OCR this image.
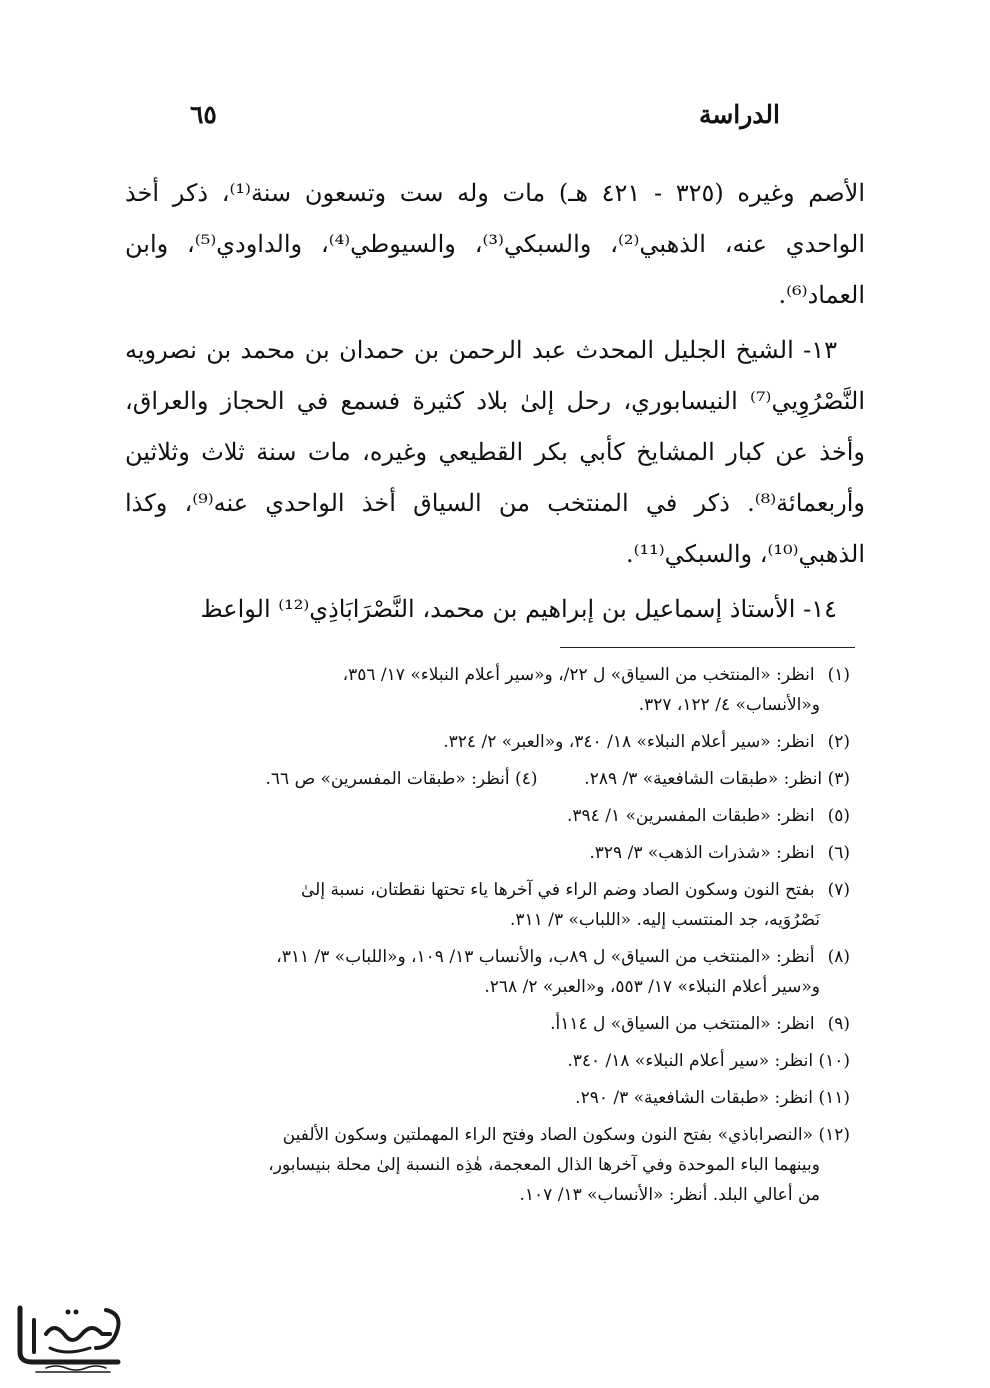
الدراسة
٦٥

الأصم وغيره (٣٢٥ - ٤٢١ هـ) مات وله ست وتسعون سنة⁽¹⁾، ذكر أخذ الواحدي عنه، الذهبي⁽²⁾، والسبكي⁽³⁾، والسيوطي⁽⁴⁾، والداودي⁽⁵⁾، وابن العماد⁽⁶⁾.

١٣- الشيخ الجليل المحدث عبد الرحمن بن حمدان بن محمد بن نصرويه النَّصْرُوِيي⁽⁷⁾ النيسابوري، رحل إلىٰ بلاد كثيرة فسمع في الحجاز والعراق، وأخذ عن كبار المشايخ كأبي بكر القطيعي وغيره، مات سنة ثلاث وثلاثين وأربعمائة⁽⁸⁾. ذكر في المنتخب من السياق أخذ الواحدي عنه⁽⁹⁾، وكذا الذهبي⁽¹⁰⁾، والسبكي⁽¹¹⁾.

١٤- الأستاذ إسماعيل بن إبراهيم بن محمد، النَّصْرَابَاذِي⁽¹²⁾ الواعظ

(١) انظر: «المنتخب من السياق» ل ٢٢/، و«سير أعلام النبلاء» ١٧/ ٣٥٦،
و«الأنساب» ٤/ ١٢٢، ٣٢٧.
(٢) انظر: «سير أعلام النبلاء» ١٨/ ٣٤٠، و«العبر» ٢/ ٣٢٤.
(٣) انظر: «طبقات الشافعية» ٣/ ٢٨٩.  (٤) أنظر: «طبقات المفسرين» ص ٦٦.
(٥) انظر: «طبقات المفسرين» ١/ ٣٩٤.
(٦) انظر: «شذرات الذهب» ٣/ ٣٢٩.
(٧) بفتح النون وسكون الصاد وضم الراء في آخرها ياء تحتها نقطتان، نسبة إلىٰ
نَصْرُوَيه، جد المنتسب إليه. «اللباب» ٣/ ٣١١.
(٨) أنظر: «المنتخب من السياق» ل ٨٩ب، والأنساب ١٣/ ١٠٩، و«اللباب» ٣/ ٣١١،
و«سير أعلام النبلاء» ١٧/ ٥٥٣، و«العبر» ٢/ ٢٦٨.
(٩) انظر: «المنتخب من السياق» ل ١١٤أ.
(١٠) انظر: «سير أعلام النبلاء» ١٨/ ٣٤٠.
(١١) انظر: «طبقات الشافعية» ٣/ ٢٩٠.
(١٢) «النصراباذي» بفتح النون وسكون الصاد وفتح الراء المهملتين وسكون الألفين
وبينهما الباء الموحدة وفي آخرها الذال المعجمة، هٰذِه النسبة إلىٰ محلة بنيسابور،
من أعالي البلد. أنظر: «الأنساب» ١٣/ ١٠٧.
